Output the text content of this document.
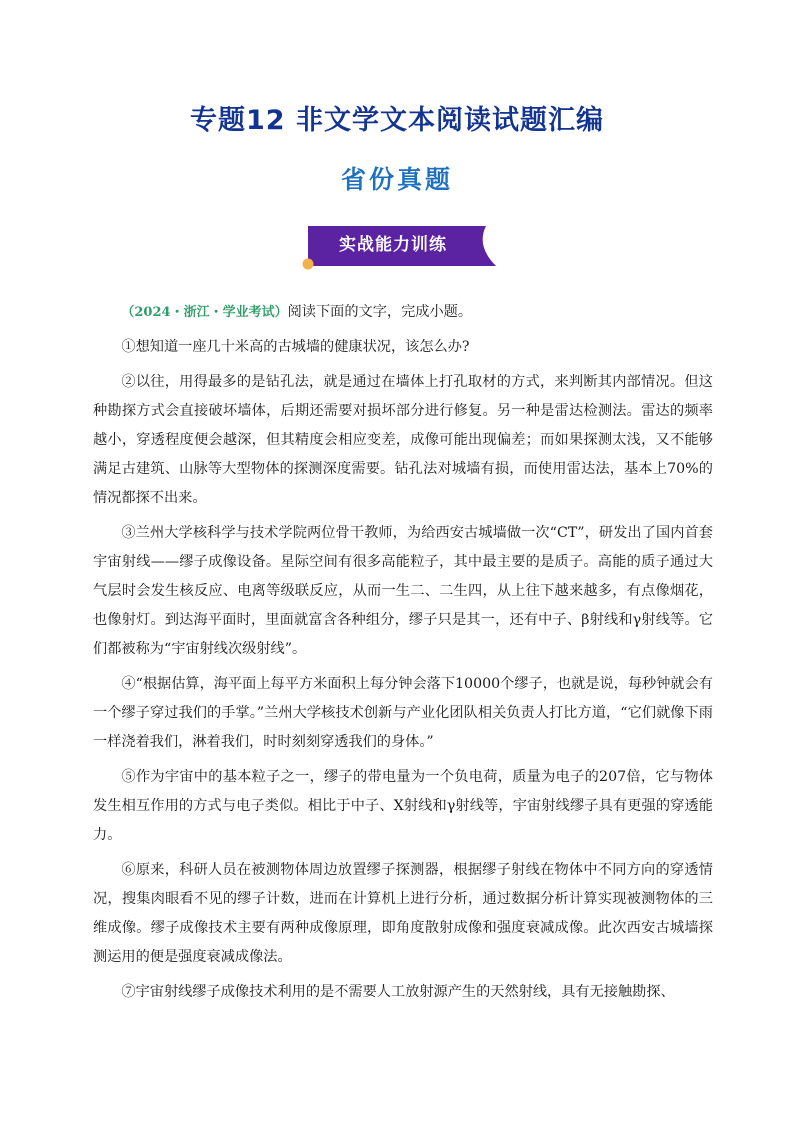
专题12 非文学文本阅读试题汇编
省份真题
实战能力训练

（2024・浙江・学业考试）阅读下面的文字，完成小题。

①想知道一座几十米高的古城墙的健康状况，该怎么办?

②以往，用得最多的是钻孔法，就是通过在墙体上打孔取材的方式，来判断其内部情况。但这种勘探方式会直接破坏墙体，后期还需要对损坏部分进行修复。另一种是雷达检测法。雷达的频率越小，穿透程度便会越深，但其精度会相应变差，成像可能出现偏差；而如果探测太浅，又不能够满足古建筑、山脉等大型物体的探测深度需要。钻孔法对城墙有损，而使用雷达法，基本上70%的情况都探不出来。

③兰州大学核科学与技术学院两位骨干教师，为给西安古城墙做一次“CT”，研发出了国内首套宇宙射线——缪子成像设备。星际空间有很多高能粒子，其中最主要的是质子。高能的质子通过大气层时会发生核反应、电离等级联反应，从而一生二、二生四，从上往下越来越多，有点像烟花，也像射灯。到达海平面时，里面就富含各种组分，缪子只是其一，还有中子、β射线和γ射线等。它们都被称为“宇宙射线次级射线”。

④“根据估算，海平面上每平方米面积上每分钟会落下10000个缪子，也就是说，每秒钟就会有一个缪子穿过我们的手掌。”兰州大学核技术创新与产业化团队相关负责人打比方道，“它们就像下雨一样浇着我们，淋着我们，时时刻刻穿透我们的身体。”

⑤作为宇宙中的基本粒子之一，缪子的带电量为一个负电荷，质量为电子的207倍，它与物体发生相互作用的方式与电子类似。相比于中子、X射线和γ射线等，宇宙射线缪子具有更强的穿透能力。

⑥原来，科研人员在被测物体周边放置缪子探测器，根据缪子射线在物体中不同方向的穿透情况，搜集肉眼看不见的缪子计数，进而在计算机上进行分析，通过数据分析计算实现被测物体的三维成像。缪子成像技术主要有两种成像原理，即角度散射成像和强度衰减成像。此次西安古城墙探测运用的便是强度衰减成像法。

⑦宇宙射线缪子成像技术利用的是不需要人工放射源产生的天然射线，具有无接触勘探、
